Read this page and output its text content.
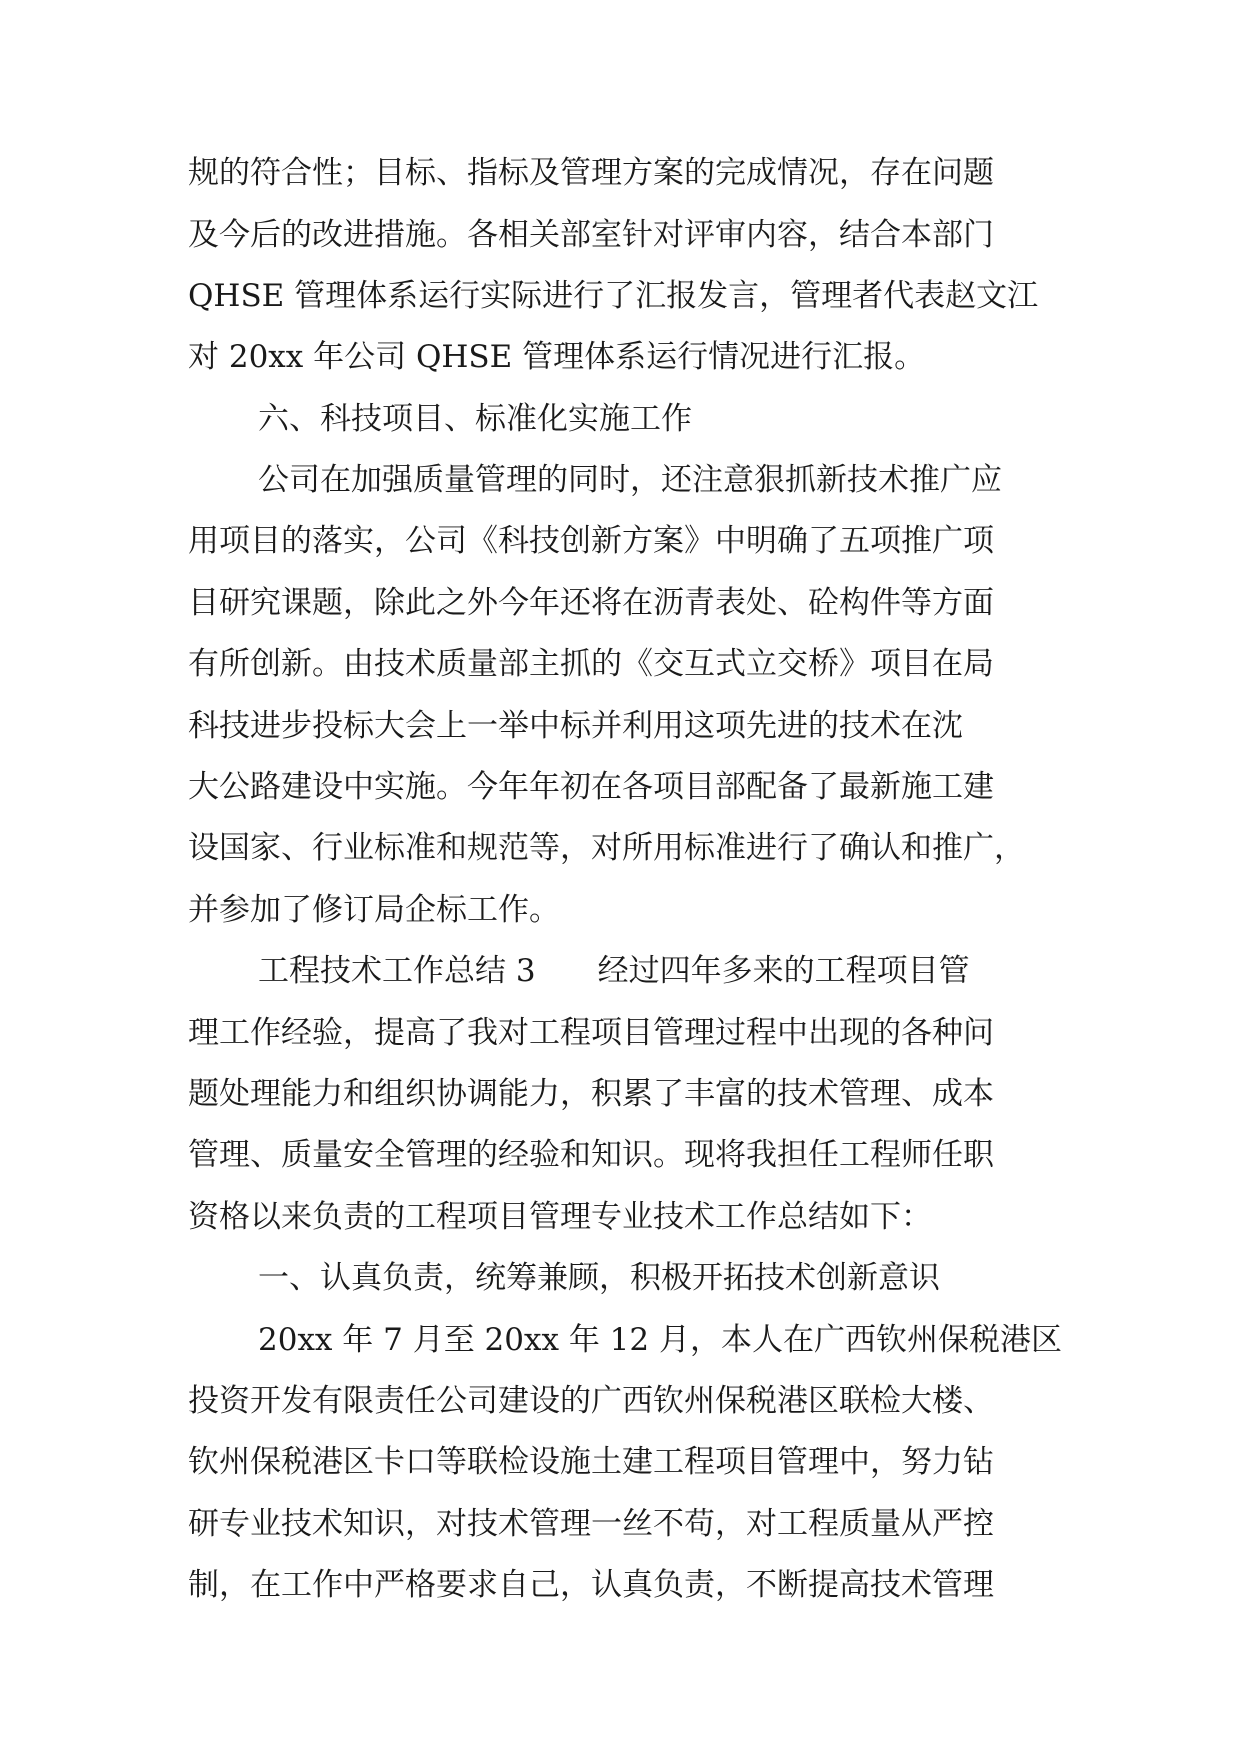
规的符合性；目标、指标及管理方案的完成情况，存在问题
及今后的改进措施。各相关部室针对评审内容，结合本部门
QHSE 管理体系运行实际进行了汇报发言，管理者代表赵文江
对 20xx 年公司 QHSE 管理体系运行情况进行汇报。
六、科技项目、标准化实施工作
公司在加强质量管理的同时，还注意狠抓新技术推广应
用项目的落实，公司《科技创新方案》中明确了五项推广项
目研究课题，除此之外今年还将在沥青表处、砼构件等方面
有所创新。由技术质量部主抓的《交互式立交桥》项目在局
科技进步投标大会上一举中标并利用这项先进的技术在沈
大公路建设中实施。今年年初在各项目部配备了最新施工建
设国家、行业标准和规范等，对所用标准进行了确认和推广，
并参加了修订局企标工作。
工程技术工作总结 3　　经过四年多来的工程项目管
理工作经验，提高了我对工程项目管理过程中出现的各种问
题处理能力和组织协调能力，积累了丰富的技术管理、成本
管理、质量安全管理的经验和知识。现将我担任工程师任职
资格以来负责的工程项目管理专业技术工作总结如下：
一、认真负责，统筹兼顾，积极开拓技术创新意识
20xx 年 7 月至 20xx 年 12 月，本人在广西钦州保税港区
投资开发有限责任公司建设的广西钦州保税港区联检大楼、
钦州保税港区卡口等联检设施土建工程项目管理中，努力钻
研专业技术知识，对技术管理一丝不苟，对工程质量从严控
制，在工作中严格要求自己，认真负责，不断提高技术管理
